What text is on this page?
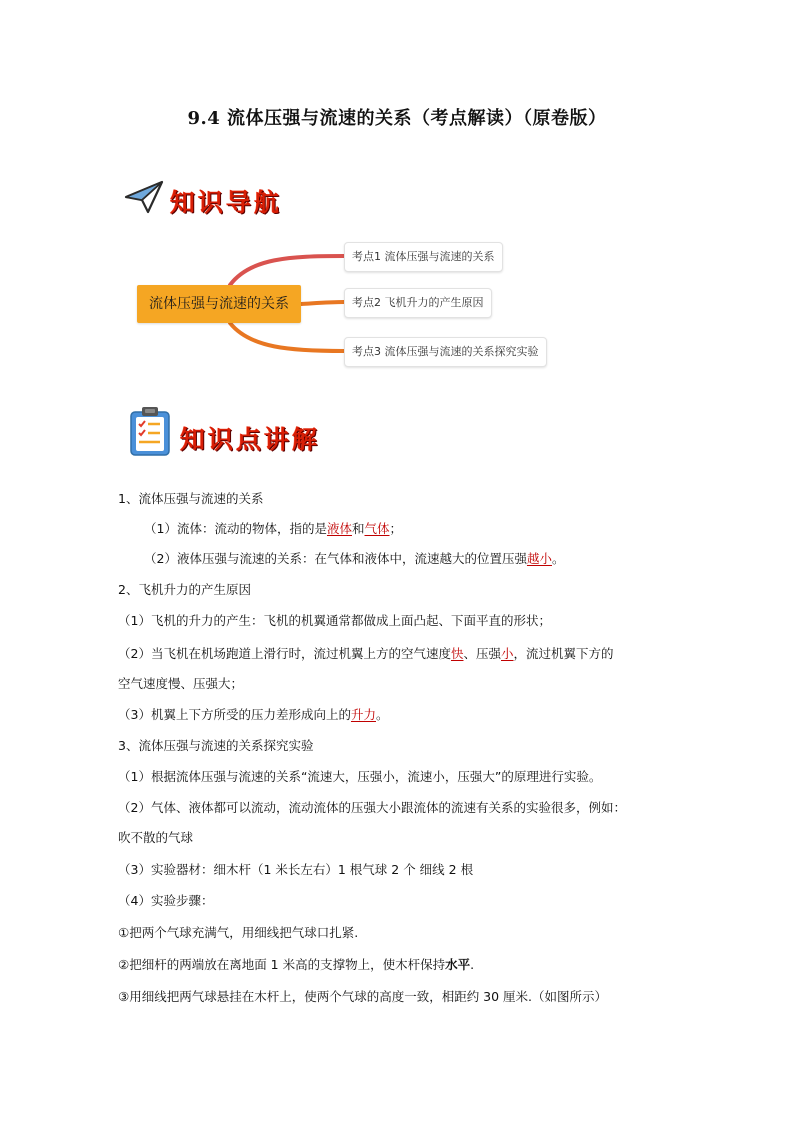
9.4 流体压强与流速的关系（考点解读）（原卷版）
知识导航
流体压强与流速的关系
考点1 流体压强与流速的关系
考点2 飞机升力的产生原因
考点3 流体压强与流速的关系探究实验
知识点讲解
1、流体压强与流速的关系
（1）流体：流动的物体，指的是液体和气体；
（2）液体压强与流速的关系：在气体和液体中，流速越大的位置压强越小。
2、飞机升力的产生原因
（1）飞机的升力的产生：飞机的机翼通常都做成上面凸起、下面平直的形状；
（2）当飞机在机场跑道上滑行时，流过机翼上方的空气速度快、压强小，流过机翼下方的
空气速度慢、压强大；
（3）机翼上下方所受的压力差形成向上的升力。
3、流体压强与流速的关系探究实验
（1）根据流体压强与流速的关系“流速大，压强小，流速小，压强大”的原理进行实验。
（2）气体、液体都可以流动，流动流体的压强大小跟流体的流速有关系的实验很多，例如：
吹不散的气球
（3）实验器材：细木杆（1 米长左右）1 根气球 2 个 细线 2 根
（4）实验步骤：
①把两个气球充满气，用细线把气球口扎紧.
②把细杆的两端放在离地面 1 米高的支撑物上，使木杆保持水平.
③用细线把两气球悬挂在木杆上，使两个气球的高度一致，相距约 30 厘米.（如图所示）
